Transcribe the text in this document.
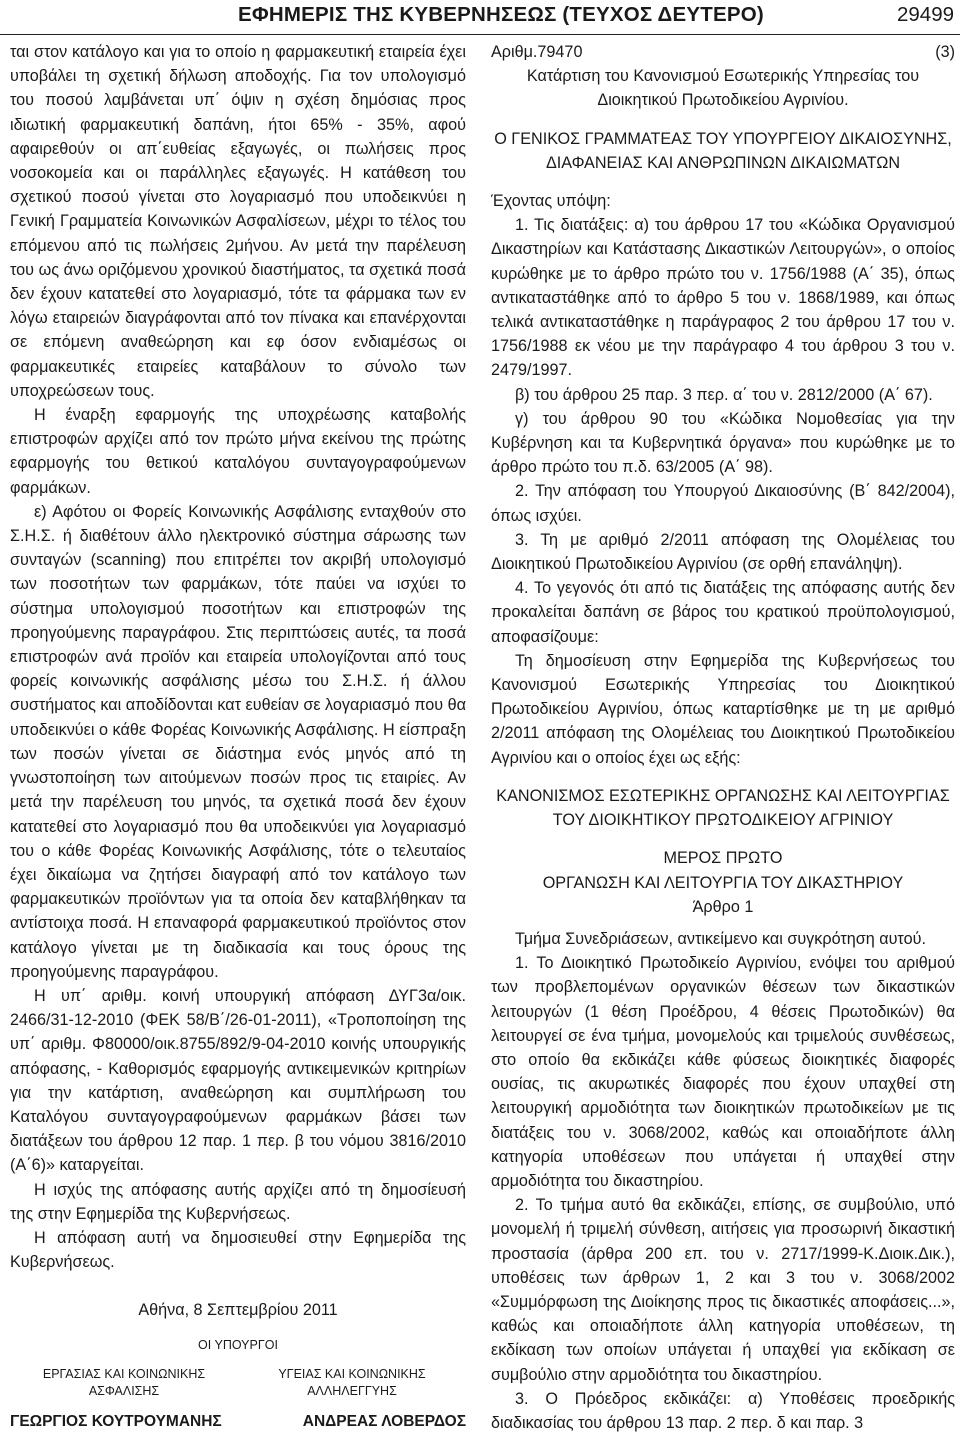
ΕΦΗΜΕΡΙΣ ΤΗΣ ΚΥΒΕΡΝΗΣΕΩΣ (ΤΕΥΧΟΣ ΔΕΥΤΕΡΟ)	29499

ται στον κατάλογο και για το οποίο η φαρμακευτική εταιρεία έχει υποβάλει τη σχετική δήλωση αποδοχής. Για τον υπολογισμό του ποσού λαμβάνεται υπ΄ όψιν η σχέση δημόσιας προς ιδιωτική φαρμακευτική δαπάνη, ήτοι 65% - 35%, αφού αφαιρεθούν οι απ΄ευθείας εξαγωγές, οι πωλήσεις προς νοσοκομεία και οι παράλληλες εξαγωγές. Η κατάθεση του σχετικού ποσού γίνεται στο λογαριασμό που υποδεικνύει η Γενική Γραμματεία Κοινωνικών Ασφαλίσεων, μέχρι το τέλος του επόμενου από τις πωλήσεις 2μήνου. Αν μετά την παρέλευση του ως άνω οριζόμενου χρονικού διαστήματος, τα σχετικά ποσά δεν έχουν κατατεθεί στο λογαριασμό, τότε τα φάρμακα των εν λόγω εταιρειών διαγράφονται από τον πίνακα και επανέρχονται σε επόμενη αναθεώρηση και εφ όσον ενδιαμέσως οι φαρμακευτικές εταιρείες καταβάλουν το σύνολο των υποχρεώσεων τους.

Η έναρξη εφαρμογής της υποχρέωσης καταβολής επιστροφών αρχίζει από τον πρώτο μήνα εκείνου της πρώτης εφαρμογής του θετικού καταλόγου συνταγογραφούμενων φαρμάκων.

ε) Αφότου οι Φορείς Κοινωνικής Ασφάλισης ενταχθούν στο Σ.Η.Σ. ή διαθέτουν άλλο ηλεκτρονικό σύστημα σάρωσης των συνταγών (scanning) που επιτρέπει τον ακριβή υπολογισμό των ποσοτήτων των φαρμάκων, τότε παύει να ισχύει το σύστημα υπολογισμού ποσοτήτων και επιστροφών της προηγούμενης παραγράφου. Στις περιπτώσεις αυτές, τα ποσά επιστροφών ανά προϊόν και εταιρεία υπολογίζονται από τους φορείς κοινωνικής ασφάλισης μέσω του Σ.Η.Σ. ή άλλου συστήματος και αποδίδονται κατ ευθείαν σε λογαριασμό που θα υποδεικνύει ο κάθε Φορέας Κοινωνικής Ασφάλισης. Η είσπραξη των ποσών γίνεται σε διάστημα ενός μηνός από τη γνωστοποίηση των αιτούμενων ποσών προς τις εταιρίες. Αν μετά την παρέλευση του μηνός, τα σχετικά ποσά δεν έχουν κατατεθεί στο λογαριασμό που θα υποδεικνύει για λογαριασμό του ο κάθε Φορέας Κοινωνικής Ασφάλισης, τότε ο τελευταίος έχει δικαίωμα να ζητήσει διαγραφή από τον κατάλογο των φαρμακευτικών προϊόντων για τα οποία δεν καταβλήθηκαν τα αντίστοιχα ποσά. Η επαναφορά φαρμακευτικού προϊόντος στον κατάλογο γίνεται με τη διαδικασία και τους όρους της προηγούμενης παραγράφου.

Η υπ΄ αριθμ. κοινή υπουργική απόφαση ΔΥΓ3α/οικ. 2466/31-12-2010 (ΦΕΚ 58/Β΄/26-01-2011), «Τροποποίηση της υπ΄ αριθμ. Φ80000/οικ.8755/892/9-04-2010 κοινής υπουργικής απόφασης, - Καθορισμός εφαρμογής αντικειμενικών κριτηρίων για την κατάρτιση, αναθεώρηση και συμπλήρωση του Καταλόγου συνταγογραφούμενων φαρμάκων βάσει των διατάξεων του άρθρου 12 παρ. 1 περ. β του νόμου 3816/2010 (Α΄6)» καταργείται.

Η ισχύς της απόφασης αυτής αρχίζει από τη δημοσίευσή της στην Εφημερίδα της Κυβερνήσεως.

Η απόφαση αυτή να δημοσιευθεί στην Εφημερίδα της Κυβερνήσεως.

Αθήνα, 8 Σεπτεμβρίου 2011

ΟΙ ΥΠΟΥΡΓΟΙ

ΕΡΓΑΣΙΑΣ ΚΑΙ ΚΟΙΝΩΝΙΚΗΣ ΑΣΦΑΛΙΣΗΣ
ΥΓΕΙΑΣ ΚΑΙ ΚΟΙΝΩΝΙΚΗΣ ΑΛΛΗΛΕΓΓΥΗΣ
ΓΕΩΡΓΙΟΣ ΚΟΥΤΡΟΥΜΑΝΗΣ	ΑΝΔΡΕΑΣ ΛΟΒΕΡΔΟΣ
Αριθμ.79470	(3)

Κατάρτιση του Κανονισμού Εσωτερικής Υπηρεσίας του Διοικητικού Πρωτοδικείου Αγρινίου.

Ο ΓΕΝΙΚΟΣ ΓΡΑΜΜΑΤΕΑΣ ΤΟΥ ΥΠΟΥΡΓΕΙΟΥ ΔΙΚΑΙΟΣΥΝΗΣ, ΔΙΑΦΑΝΕΙΑΣ ΚΑΙ ΑΝΘΡΩΠΙΝΩΝ ΔΙΚΑΙΩΜΑΤΩΝ

Έχοντας υπόψη:

1. Τις διατάξεις: α) του άρθρου 17 του «Κώδικα Οργανισμού Δικαστηρίων και Κατάστασης Δικαστικών Λειτουργών», ο οποίος κυρώθηκε με το άρθρο πρώτο του ν. 1756/1988 (Α΄ 35), όπως αντικαταστάθηκε από το άρθρο 5 του ν. 1868/1989, και όπως τελικά αντικαταστάθηκε η παράγραφος 2 του άρθρου 17 του ν. 1756/1988 εκ νέου με την παράγραφο 4 του άρθρου 3 του ν. 2479/1997.

β) του άρθρου 25 παρ. 3 περ. α΄ του ν. 2812/2000 (Α΄ 67).

γ) του άρθρου 90 του «Κώδικα Νομοθεσίας για την Κυβέρνηση και τα Κυβερνητικά όργανα» που κυρώθηκε με το άρθρο πρώτο του π.δ. 63/2005 (Α΄ 98).

2. Την απόφαση του Υπουργού Δικαιοσύνης (Β΄ 842/2004), όπως ισχύει.

3. Τη με αριθμό 2/2011 απόφαση της Ολομέλειας του Διοικητικού Πρωτοδικείου Αγρινίου (σε ορθή επανάληψη).

4. Το γεγονός ότι από τις διατάξεις της απόφασης αυτής δεν προκαλείται δαπάνη σε βάρος του κρατικού προϋπολογισμού, αποφασίζουμε:

Τη δημοσίευση στην Εφημερίδα της Κυβερνήσεως του Κανονισμού Εσωτερικής Υπηρεσίας του Διοικητικού Πρωτοδικείου Αγρινίου, όπως καταρτίσθηκε με τη με αριθμό 2/2011 απόφαση της Ολομέλειας του Διοικητικού Πρωτοδικείου Αγρινίου και ο οποίος έχει ως εξής:

ΚΑΝΟΝΙΣΜΟΣ ΕΣΩΤΕΡΙΚΗΣ ΟΡΓΑΝΩΣΗΣ ΚΑΙ ΛΕΙΤΟΥΡΓΙΑΣ ΤΟΥ ΔΙΟΙΚΗΤΙΚΟΥ ΠΡΩΤΟΔΙΚΕΙΟΥ ΑΓΡΙΝΙΟΥ

ΜΕΡΟΣ ΠΡΩΤΟ

ΟΡΓΑΝΩΣΗ ΚΑΙ ΛΕΙΤΟΥΡΓΙΑ ΤΟΥ ΔΙΚΑΣΤΗΡΙΟΥ

Άρθρο 1

Τμήμα Συνεδριάσεων, αντικείμενο και συγκρότηση αυτού.

1. Το Διοικητικό Πρωτοδικείο Αγρινίου, ενόψει του αριθμού των προβλεπομένων οργανικών θέσεων των δικαστικών λειτουργών (1 θέση Προέδρου, 4 θέσεις Πρωτοδικών) θα λειτουργεί σε ένα τμήμα, μονομελούς και τριμελούς συνθέσεως, στο οποίο θα εκδικάζει κάθε φύσεως διοικητικές διαφορές ουσίας, τις ακυρωτικές διαφορές που έχουν υπαχθεί στη λειτουργική αρμοδιότητα των διοικητικών πρωτοδικείων με τις διατάξεις του ν. 3068/2002, καθώς και οποιαδήποτε άλλη κατηγορία υποθέσεων που υπάγεται ή υπαχθεί στην αρμοδιότητα του δικαστηρίου.

2. Το τμήμα αυτό θα εκδικάζει, επίσης, σε συμβούλιο, υπό μονομελή ή τριμελή σύνθεση, αιτήσεις για προσωρινή δικαστική προστασία (άρθρα 200 επ. του ν. 2717/1999-Κ.Διοικ.Δικ.), υποθέσεις των άρθρων 1, 2 και 3 του ν. 3068/2002 «Συμμόρφωση της Διοίκησης προς τις δικαστικές αποφάσεις...», καθώς και οποιαδήποτε άλλη κατηγορία υποθέσεων, τη εκδίκαση των οποίων υπάγεται ή υπαχθεί για εκδίκαση σε συμβούλιο στην αρμοδιότητα του δικαστηρίου.

3. Ο Πρόεδρος εκδικάζει: α) Υποθέσεις προεδρικής διαδικασίας του άρθρου 13 παρ. 2 περ. δ και παρ. 3
